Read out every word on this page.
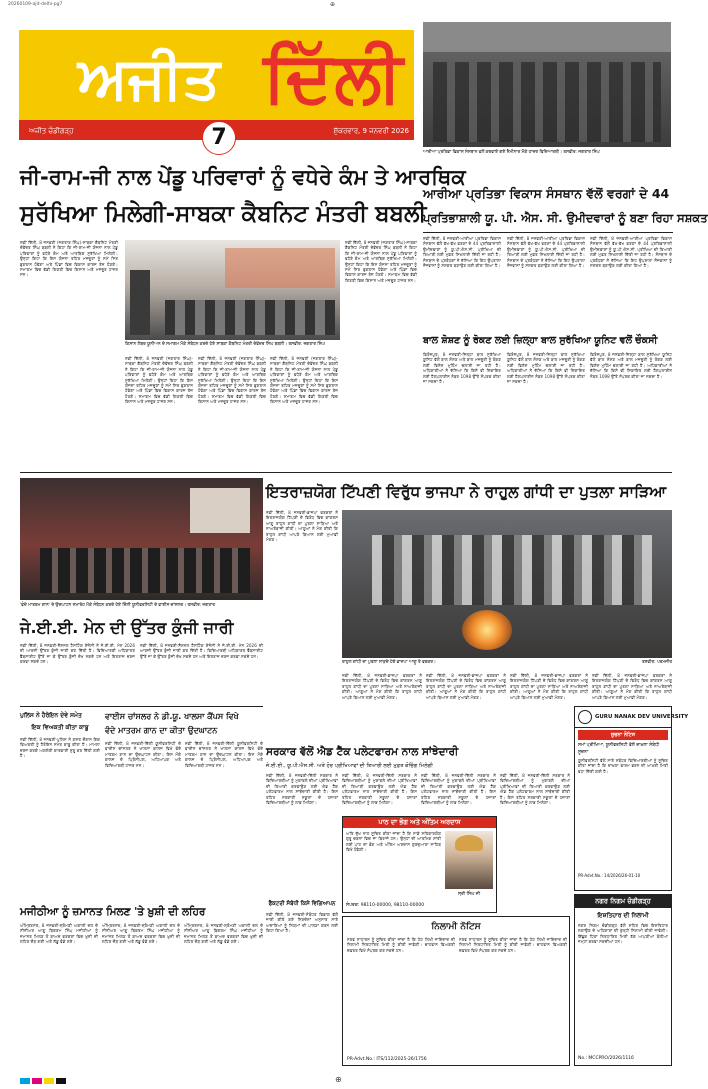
20260109-ajit-delhi-pg7	⊕
ਅਜੀਤ ਦਿੱਲੀ
7
ਅਜੀਤ ਚੰਡੀਗੜ੍ਹ	ਸ਼ੁੱਕਰਵਾਰ, 9 ਜਨਵਰੀ 2026
ਆਰੀਆ ਪ੍ਰਤਿਭਾ ਵਿਕਾਸ ਸੰਸਥਾਨ ਵਲੋਂ ਕਰਵਾਏ ਗਏ ਸੈਮੀਨਾਰ ਮੌਕੇ ਹਾਜ਼ਰ ਵਿਦਿਆਰਥੀ। ਤਸਵੀਰ: ਜਗਤਾਰ ਸਿੰਘ
ਜੀ-ਰਾਮ-ਜੀ ਨਾਲ ਪੇਂਡੂ ਪਰਿਵਾਰਾਂ ਨੂੰ ਵਧੇਰੇ ਕੰਮ ਤੇ ਆਰਥਿਕ
ਸੁਰੱਖਿਆ ਮਿਲੇਗੀ-ਸਾਬਕਾ ਕੈਬਨਿਟ ਮੰਤਰੀ ਬਬਲੀ
ਆਰੀਆ ਪ੍ਰਤਿਭਾ ਵਿਕਾਸ ਸੰਸਥਾਨ ਵੱਲੋਂ ਵਰਗਾਂ ਦੇ 44
ਪ੍ਰਤਿਭਾਸ਼ਾਲੀ ਯੂ. ਪੀ. ਐਸ. ਸੀ. ਉਮੀਦਵਾਰਾਂ ਨੂੰ ਬਣਾ ਰਿਹਾ ਸਸ਼ਕਤ
ਨਵੀਂ ਦਿੱਲੀ, 8 ਜਨਵਰੀ (ਜਗਤਾਰ ਸਿੰਘ)-ਸਾਬਕਾ ਕੈਬਨਿਟ ਮੰਤਰੀ ਦੇਵੇਂਦਰ ਸਿੰਘ ਬਬਲੀ ਨੇ ਕਿਹਾ ਕਿ ਜੀ-ਰਾਮ-ਜੀ ਯੋਜਨਾ ਨਾਲ ਪੇਂਡੂ ਪਰਿਵਾਰਾਂ ਨੂੰ ਵਧੇਰੇ ਕੰਮ ਅਤੇ ਆਰਥਿਕ ਸੁਰੱਖਿਆ ਮਿਲੇਗੀ। ਉਨ੍ਹਾਂ ਕਿਹਾ ਕਿ ਇਸ ਯੋਜਨਾ ਤਹਿਤ ਮਜ਼ਦੂਰਾਂ ਨੂੰ ਸਮੇਂ ਸਿਰ ਭੁਗਤਾਨ ਹੋਵੇਗਾ ਅਤੇ ਪਿੰਡਾਂ ਵਿਚ ਵਿਕਾਸ ਕਾਰਜ ਤੇਜ਼ ਹੋਣਗੇ। ਸਮਾਗਮ ਵਿਚ ਵੱਡੀ ਗਿਣਤੀ ਵਿਚ ਕਿਸਾਨ ਅਤੇ ਮਜ਼ਦੂਰ ਹਾਜ਼ਰ ਸਨ।
ਕਿਸਾਨ ਲੇਬਰ ਯੂਨੀਅਨ ਦੇ ਸਮਾਗਮ ਮੌਕੇ ਸੰਬੋਧਨ ਕਰਦੇ ਹੋਏ ਸਾਬਕਾ ਕੈਬਨਿਟ ਮੰਤਰੀ ਦੇਵੇਂਦਰ ਸਿੰਘ ਬਬਲੀ। ਤਸਵੀਰ: ਜਗਤਾਰ ਸਿੰਘ
ਨਵੀਂ ਦਿੱਲੀ, 8 ਜਨਵਰੀ (ਜਗਤਾਰ ਸਿੰਘ)-ਸਾਬਕਾ ਕੈਬਨਿਟ ਮੰਤਰੀ ਦੇਵੇਂਦਰ ਸਿੰਘ ਬਬਲੀ ਨੇ ਕਿਹਾ ਕਿ ਜੀ-ਰਾਮ-ਜੀ ਯੋਜਨਾ ਨਾਲ ਪੇਂਡੂ ਪਰਿਵਾਰਾਂ ਨੂੰ ਵਧੇਰੇ ਕੰਮ ਅਤੇ ਆਰਥਿਕ ਸੁਰੱਖਿਆ ਮਿਲੇਗੀ। ਉਨ੍ਹਾਂ ਕਿਹਾ ਕਿ ਇਸ ਯੋਜਨਾ ਤਹਿਤ ਮਜ਼ਦੂਰਾਂ ਨੂੰ ਸਮੇਂ ਸਿਰ ਭੁਗਤਾਨ ਹੋਵੇਗਾ ਅਤੇ ਪਿੰਡਾਂ ਵਿਚ ਵਿਕਾਸ ਕਾਰਜ ਤੇਜ਼ ਹੋਣਗੇ। ਸਮਾਗਮ ਵਿਚ ਵੱਡੀ ਗਿਣਤੀ ਵਿਚ ਕਿਸਾਨ ਅਤੇ ਮਜ਼ਦੂਰ ਹਾਜ਼ਰ ਸਨ।
ਨਵੀਂ ਦਿੱਲੀ, 8 ਜਨਵਰੀ (ਜਗਤਾਰ ਸਿੰਘ)-ਸਾਬਕਾ ਕੈਬਨਿਟ ਮੰਤਰੀ ਦੇਵੇਂਦਰ ਸਿੰਘ ਬਬਲੀ ਨੇ ਕਿਹਾ ਕਿ ਜੀ-ਰਾਮ-ਜੀ ਯੋਜਨਾ ਨਾਲ ਪੇਂਡੂ ਪਰਿਵਾਰਾਂ ਨੂੰ ਵਧੇਰੇ ਕੰਮ ਅਤੇ ਆਰਥਿਕ ਸੁਰੱਖਿਆ ਮਿਲੇਗੀ। ਉਨ੍ਹਾਂ ਕਿਹਾ ਕਿ ਇਸ ਯੋਜਨਾ ਤਹਿਤ ਮਜ਼ਦੂਰਾਂ ਨੂੰ ਸਮੇਂ ਸਿਰ ਭੁਗਤਾਨ ਹੋਵੇਗਾ ਅਤੇ ਪਿੰਡਾਂ ਵਿਚ ਵਿਕਾਸ ਕਾਰਜ ਤੇਜ਼ ਹੋਣਗੇ। ਸਮਾਗਮ ਵਿਚ ਵੱਡੀ ਗਿਣਤੀ ਵਿਚ ਕਿਸਾਨ ਅਤੇ ਮਜ਼ਦੂਰ ਹਾਜ਼ਰ ਸਨ।
ਨਵੀਂ ਦਿੱਲੀ, 8 ਜਨਵਰੀ (ਜਗਤਾਰ ਸਿੰਘ)-ਸਾਬਕਾ ਕੈਬਨਿਟ ਮੰਤਰੀ ਦੇਵੇਂਦਰ ਸਿੰਘ ਬਬਲੀ ਨੇ ਕਿਹਾ ਕਿ ਜੀ-ਰਾਮ-ਜੀ ਯੋਜਨਾ ਨਾਲ ਪੇਂਡੂ ਪਰਿਵਾਰਾਂ ਨੂੰ ਵਧੇਰੇ ਕੰਮ ਅਤੇ ਆਰਥਿਕ ਸੁਰੱਖਿਆ ਮਿਲੇਗੀ। ਉਨ੍ਹਾਂ ਕਿਹਾ ਕਿ ਇਸ ਯੋਜਨਾ ਤਹਿਤ ਮਜ਼ਦੂਰਾਂ ਨੂੰ ਸਮੇਂ ਸਿਰ ਭੁਗਤਾਨ ਹੋਵੇਗਾ ਅਤੇ ਪਿੰਡਾਂ ਵਿਚ ਵਿਕਾਸ ਕਾਰਜ ਤੇਜ਼ ਹੋਣਗੇ। ਸਮਾਗਮ ਵਿਚ ਵੱਡੀ ਗਿਣਤੀ ਵਿਚ ਕਿਸਾਨ ਅਤੇ ਮਜ਼ਦੂਰ ਹਾਜ਼ਰ ਸਨ।
ਨਵੀਂ ਦਿੱਲੀ, 8 ਜਨਵਰੀ (ਜਗਤਾਰ ਸਿੰਘ)-ਸਾਬਕਾ ਕੈਬਨਿਟ ਮੰਤਰੀ ਦੇਵੇਂਦਰ ਸਿੰਘ ਬਬਲੀ ਨੇ ਕਿਹਾ ਕਿ ਜੀ-ਰਾਮ-ਜੀ ਯੋਜਨਾ ਨਾਲ ਪੇਂਡੂ ਪਰਿਵਾਰਾਂ ਨੂੰ ਵਧੇਰੇ ਕੰਮ ਅਤੇ ਆਰਥਿਕ ਸੁਰੱਖਿਆ ਮਿਲੇਗੀ। ਉਨ੍ਹਾਂ ਕਿਹਾ ਕਿ ਇਸ ਯੋਜਨਾ ਤਹਿਤ ਮਜ਼ਦੂਰਾਂ ਨੂੰ ਸਮੇਂ ਸਿਰ ਭੁਗਤਾਨ ਹੋਵੇਗਾ ਅਤੇ ਪਿੰਡਾਂ ਵਿਚ ਵਿਕਾਸ ਕਾਰਜ ਤੇਜ਼ ਹੋਣਗੇ। ਸਮਾਗਮ ਵਿਚ ਵੱਡੀ ਗਿਣਤੀ ਵਿਚ ਕਿਸਾਨ ਅਤੇ ਮਜ਼ਦੂਰ ਹਾਜ਼ਰ ਸਨ।
ਨਵੀਂ ਦਿੱਲੀ, 8 ਜਨਵਰੀ-ਆਰੀਆ ਪ੍ਰਤਿਭਾ ਵਿਕਾਸ ਸੰਸਥਾਨ ਵੱਲੋਂ ਵੱਖ-ਵੱਖ ਵਰਗਾਂ ਦੇ 44 ਪ੍ਰਤਿਭਾਸ਼ਾਲੀ ਉਮੀਦਵਾਰਾਂ ਨੂੰ ਯੂ.ਪੀ.ਐਸ.ਸੀ. ਪ੍ਰੀਖਿਆ ਦੀ ਤਿਆਰੀ ਲਈ ਮੁਫ਼ਤ ਸਿਖਲਾਈ ਦਿੱਤੀ ਜਾ ਰਹੀ ਹੈ। ਸੰਸਥਾਨ ਦੇ ਪ੍ਰਬੰਧਕਾਂ ਨੇ ਦੱਸਿਆ ਕਿ ਇਹ ਉਪਰਾਲਾ ਨੌਜਵਾਨਾਂ ਨੂੰ ਸਸ਼ਕਤ ਬਣਾਉਣ ਲਈ ਕੀਤਾ ਗਿਆ ਹੈ।
ਨਵੀਂ ਦਿੱਲੀ, 8 ਜਨਵਰੀ-ਆਰੀਆ ਪ੍ਰਤਿਭਾ ਵਿਕਾਸ ਸੰਸਥਾਨ ਵੱਲੋਂ ਵੱਖ-ਵੱਖ ਵਰਗਾਂ ਦੇ 44 ਪ੍ਰਤਿਭਾਸ਼ਾਲੀ ਉਮੀਦਵਾਰਾਂ ਨੂੰ ਯੂ.ਪੀ.ਐਸ.ਸੀ. ਪ੍ਰੀਖਿਆ ਦੀ ਤਿਆਰੀ ਲਈ ਮੁਫ਼ਤ ਸਿਖਲਾਈ ਦਿੱਤੀ ਜਾ ਰਹੀ ਹੈ। ਸੰਸਥਾਨ ਦੇ ਪ੍ਰਬੰਧਕਾਂ ਨੇ ਦੱਸਿਆ ਕਿ ਇਹ ਉਪਰਾਲਾ ਨੌਜਵਾਨਾਂ ਨੂੰ ਸਸ਼ਕਤ ਬਣਾਉਣ ਲਈ ਕੀਤਾ ਗਿਆ ਹੈ।
ਨਵੀਂ ਦਿੱਲੀ, 8 ਜਨਵਰੀ-ਆਰੀਆ ਪ੍ਰਤਿਭਾ ਵਿਕਾਸ ਸੰਸਥਾਨ ਵੱਲੋਂ ਵੱਖ-ਵੱਖ ਵਰਗਾਂ ਦੇ 44 ਪ੍ਰਤਿਭਾਸ਼ਾਲੀ ਉਮੀਦਵਾਰਾਂ ਨੂੰ ਯੂ.ਪੀ.ਐਸ.ਸੀ. ਪ੍ਰੀਖਿਆ ਦੀ ਤਿਆਰੀ ਲਈ ਮੁਫ਼ਤ ਸਿਖਲਾਈ ਦਿੱਤੀ ਜਾ ਰਹੀ ਹੈ। ਸੰਸਥਾਨ ਦੇ ਪ੍ਰਬੰਧਕਾਂ ਨੇ ਦੱਸਿਆ ਕਿ ਇਹ ਉਪਰਾਲਾ ਨੌਜਵਾਨਾਂ ਨੂੰ ਸਸ਼ਕਤ ਬਣਾਉਣ ਲਈ ਕੀਤਾ ਗਿਆ ਹੈ।
ਬਾਲ ਸ਼ੋਸ਼ਣ ਨੂੰ ਰੋਕਣ ਲਈ ਜ਼ਿਲ੍ਹਾ ਬਾਲ ਸੁਰੱਖਿਆ ਯੂਨਿਟ ਵਲੋਂ ਚੌਕਸੀ
ਫ਼ਿਰੋਜ਼ਪੁਰ, 8 ਜਨਵਰੀ-ਜ਼ਿਲ੍ਹਾ ਬਾਲ ਸੁਰੱਖਿਆ ਯੂਨਿਟ ਵੱਲੋਂ ਬਾਲ ਸ਼ੋਸ਼ਣ ਅਤੇ ਬਾਲ ਮਜ਼ਦੂਰੀ ਨੂੰ ਰੋਕਣ ਲਈ ਵਿਸ਼ੇਸ਼ ਮੁਹਿੰਮ ਚਲਾਈ ਜਾ ਰਹੀ ਹੈ। ਅਧਿਕਾਰੀਆਂ ਨੇ ਦੱਸਿਆ ਕਿ ਕਿਸੇ ਵੀ ਸ਼ਿਕਾਇਤ ਲਈ ਹੈਲਪਲਾਈਨ ਨੰਬਰ 1098 ਉੱਤੇ ਸੰਪਰਕ ਕੀਤਾ ਜਾ ਸਕਦਾ ਹੈ।
ਫ਼ਿਰੋਜ਼ਪੁਰ, 8 ਜਨਵਰੀ-ਜ਼ਿਲ੍ਹਾ ਬਾਲ ਸੁਰੱਖਿਆ ਯੂਨਿਟ ਵੱਲੋਂ ਬਾਲ ਸ਼ੋਸ਼ਣ ਅਤੇ ਬਾਲ ਮਜ਼ਦੂਰੀ ਨੂੰ ਰੋਕਣ ਲਈ ਵਿਸ਼ੇਸ਼ ਮੁਹਿੰਮ ਚਲਾਈ ਜਾ ਰਹੀ ਹੈ। ਅਧਿਕਾਰੀਆਂ ਨੇ ਦੱਸਿਆ ਕਿ ਕਿਸੇ ਵੀ ਸ਼ਿਕਾਇਤ ਲਈ ਹੈਲਪਲਾਈਨ ਨੰਬਰ 1098 ਉੱਤੇ ਸੰਪਰਕ ਕੀਤਾ ਜਾ ਸਕਦਾ ਹੈ।
ਫ਼ਿਰੋਜ਼ਪੁਰ, 8 ਜਨਵਰੀ-ਜ਼ਿਲ੍ਹਾ ਬਾਲ ਸੁਰੱਖਿਆ ਯੂਨਿਟ ਵੱਲੋਂ ਬਾਲ ਸ਼ੋਸ਼ਣ ਅਤੇ ਬਾਲ ਮਜ਼ਦੂਰੀ ਨੂੰ ਰੋਕਣ ਲਈ ਵਿਸ਼ੇਸ਼ ਮੁਹਿੰਮ ਚਲਾਈ ਜਾ ਰਹੀ ਹੈ। ਅਧਿਕਾਰੀਆਂ ਨੇ ਦੱਸਿਆ ਕਿ ਕਿਸੇ ਵੀ ਸ਼ਿਕਾਇਤ ਲਈ ਹੈਲਪਲਾਈਨ ਨੰਬਰ 1098 ਉੱਤੇ ਸੰਪਰਕ ਕੀਤਾ ਜਾ ਸਕਦਾ ਹੈ।
'ਵੰਦੇ ਮਾਤਰਮ ਗਾਨ' ਦੇ ਉਦਘਾਟਨ ਸਮਾਰੋਹ ਮੌਕੇ ਸੰਬੋਧਨ ਕਰਦੇ ਹੋਏ ਦਿੱਲੀ ਯੂਨੀਵਰਸਿਟੀ ਦੇ ਵਾਈਸ ਚਾਂਸਲਰ। ਤਸਵੀਰ: ਜਗਤਾਰ
ਜੇ.ਈ.ਈ. ਮੇਨ ਦੀ ਉੱਤਰ ਕੁੰਜੀ ਜਾਰੀ
ਨਵੀਂ ਦਿੱਲੀ, 8 ਜਨਵਰੀ-ਨੈਸ਼ਨਲ ਟੈਸਟਿੰਗ ਏਜੰਸੀ ਨੇ ਜੇ.ਈ.ਈ. ਮੇਨ 2026 ਦੀ ਆਰਜ਼ੀ ਉੱਤਰ ਕੁੰਜੀ ਜਾਰੀ ਕਰ ਦਿੱਤੀ ਹੈ। ਵਿਦਿਆਰਥੀ ਅਧਿਕਾਰਤ ਵੈੱਬਸਾਈਟ ਉੱਤੇ ਜਾ ਕੇ ਉੱਤਰ ਕੁੰਜੀ ਦੇਖ ਸਕਦੇ ਹਨ ਅਤੇ ਇਤਰਾਜ਼ ਦਰਜ ਕਰਵਾ ਸਕਦੇ ਹਨ।
ਨਵੀਂ ਦਿੱਲੀ, 8 ਜਨਵਰੀ-ਨੈਸ਼ਨਲ ਟੈਸਟਿੰਗ ਏਜੰਸੀ ਨੇ ਜੇ.ਈ.ਈ. ਮੇਨ 2026 ਦੀ ਆਰਜ਼ੀ ਉੱਤਰ ਕੁੰਜੀ ਜਾਰੀ ਕਰ ਦਿੱਤੀ ਹੈ। ਵਿਦਿਆਰਥੀ ਅਧਿਕਾਰਤ ਵੈੱਬਸਾਈਟ ਉੱਤੇ ਜਾ ਕੇ ਉੱਤਰ ਕੁੰਜੀ ਦੇਖ ਸਕਦੇ ਹਨ ਅਤੇ ਇਤਰਾਜ਼ ਦਰਜ ਕਰਵਾ ਸਕਦੇ ਹਨ।
ਇਤਰਾਜ਼ਯੋਗ ਟਿੱਪਣੀ ਵਿਰੁੱਧ ਭਾਜਪਾ ਨੇ ਰਾਹੁਲ ਗਾਂਧੀ ਦਾ ਪੁਤਲਾ ਸਾੜਿਆ
ਨਵੀਂ ਦਿੱਲੀ, 8 ਜਨਵਰੀ-ਭਾਜਪਾ ਵਰਕਰਾਂ ਨੇ ਇਤਰਾਜ਼ਯੋਗ ਟਿੱਪਣੀ ਦੇ ਵਿਰੋਧ ਵਿਚ ਕਾਂਗਰਸ ਆਗੂ ਰਾਹੁਲ ਗਾਂਧੀ ਦਾ ਪੁਤਲਾ ਸਾੜਿਆ ਅਤੇ ਨਾਅਰੇਬਾਜ਼ੀ ਕੀਤੀ। ਆਗੂਆਂ ਨੇ ਮੰਗ ਕੀਤੀ ਕਿ ਰਾਹੁਲ ਗਾਂਧੀ ਆਪਣੇ ਬਿਆਨ ਲਈ ਮੁਆਫ਼ੀ ਮੰਗਣ।
ਰਾਹੁਲ ਗਾਂਧੀ ਦਾ ਪੁਤਲਾ ਸਾੜਦੇ ਹੋਏ ਭਾਜਪਾ ਆਗੂ ਤੇ ਵਰਕਰ।	ਤਸਵੀਰ: ਪਰਮਜੀਤ
ਨਵੀਂ ਦਿੱਲੀ, 8 ਜਨਵਰੀ-ਭਾਜਪਾ ਵਰਕਰਾਂ ਨੇ ਇਤਰਾਜ਼ਯੋਗ ਟਿੱਪਣੀ ਦੇ ਵਿਰੋਧ ਵਿਚ ਕਾਂਗਰਸ ਆਗੂ ਰਾਹੁਲ ਗਾਂਧੀ ਦਾ ਪੁਤਲਾ ਸਾੜਿਆ ਅਤੇ ਨਾਅਰੇਬਾਜ਼ੀ ਕੀਤੀ। ਆਗੂਆਂ ਨੇ ਮੰਗ ਕੀਤੀ ਕਿ ਰਾਹੁਲ ਗਾਂਧੀ ਆਪਣੇ ਬਿਆਨ ਲਈ ਮੁਆਫ਼ੀ ਮੰਗਣ।
ਨਵੀਂ ਦਿੱਲੀ, 8 ਜਨਵਰੀ-ਭਾਜਪਾ ਵਰਕਰਾਂ ਨੇ ਇਤਰਾਜ਼ਯੋਗ ਟਿੱਪਣੀ ਦੇ ਵਿਰੋਧ ਵਿਚ ਕਾਂਗਰਸ ਆਗੂ ਰਾਹੁਲ ਗਾਂਧੀ ਦਾ ਪੁਤਲਾ ਸਾੜਿਆ ਅਤੇ ਨਾਅਰੇਬਾਜ਼ੀ ਕੀਤੀ। ਆਗੂਆਂ ਨੇ ਮੰਗ ਕੀਤੀ ਕਿ ਰਾਹੁਲ ਗਾਂਧੀ ਆਪਣੇ ਬਿਆਨ ਲਈ ਮੁਆਫ਼ੀ ਮੰਗਣ।
ਨਵੀਂ ਦਿੱਲੀ, 8 ਜਨਵਰੀ-ਭਾਜਪਾ ਵਰਕਰਾਂ ਨੇ ਇਤਰਾਜ਼ਯੋਗ ਟਿੱਪਣੀ ਦੇ ਵਿਰੋਧ ਵਿਚ ਕਾਂਗਰਸ ਆਗੂ ਰਾਹੁਲ ਗਾਂਧੀ ਦਾ ਪੁਤਲਾ ਸਾੜਿਆ ਅਤੇ ਨਾਅਰੇਬਾਜ਼ੀ ਕੀਤੀ। ਆਗੂਆਂ ਨੇ ਮੰਗ ਕੀਤੀ ਕਿ ਰਾਹੁਲ ਗਾਂਧੀ ਆਪਣੇ ਬਿਆਨ ਲਈ ਮੁਆਫ਼ੀ ਮੰਗਣ।
ਨਵੀਂ ਦਿੱਲੀ, 8 ਜਨਵਰੀ-ਭਾਜਪਾ ਵਰਕਰਾਂ ਨੇ ਇਤਰਾਜ਼ਯੋਗ ਟਿੱਪਣੀ ਦੇ ਵਿਰੋਧ ਵਿਚ ਕਾਂਗਰਸ ਆਗੂ ਰਾਹੁਲ ਗਾਂਧੀ ਦਾ ਪੁਤਲਾ ਸਾੜਿਆ ਅਤੇ ਨਾਅਰੇਬਾਜ਼ੀ ਕੀਤੀ। ਆਗੂਆਂ ਨੇ ਮੰਗ ਕੀਤੀ ਕਿ ਰਾਹੁਲ ਗਾਂਧੀ ਆਪਣੇ ਬਿਆਨ ਲਈ ਮੁਆਫ਼ੀ ਮੰਗਣ।
ਪੁਲਿਸ ਨੇ ਹੈਰੋਇਨ ਦੇਵੇ ਸਮੇਤ
ਇਕ ਵਿਅਕਤੀ ਕੀਤਾ ਕਾਬੂ
ਨਵੀਂ ਦਿੱਲੀ, 8 ਜਨਵਰੀ-ਪੁਲਿਸ ਨੇ ਗਸ਼ਤ ਦੌਰਾਨ ਇਕ ਵਿਅਕਤੀ ਨੂੰ ਹੈਰੋਇਨ ਸਮੇਤ ਕਾਬੂ ਕੀਤਾ ਹੈ। ਮਾਮਲਾ ਦਰਜ ਕਰਕੇ ਅਗਲੇਰੀ ਕਾਰਵਾਈ ਸ਼ੁਰੂ ਕਰ ਦਿੱਤੀ ਗਈ ਹੈ।
ਵਾਈਸ ਚਾਂਸਲਰ ਨੇ ਡੀ.ਯੂ. ਖਾਲਸਾ ਕੈਂਪਸ ਵਿਖੇ
ਵੰਦੇ ਮਾਤਰਮ ਗਾਨ ਦਾ ਕੀਤਾ ਉਦਘਾਟਨ
ਨਵੀਂ ਦਿੱਲੀ, 8 ਜਨਵਰੀ-ਦਿੱਲੀ ਯੂਨੀਵਰਸਿਟੀ ਦੇ ਵਾਈਸ ਚਾਂਸਲਰ ਨੇ ਖਾਲਸਾ ਕਾਲਜ ਵਿਖੇ ਵੰਦੇ ਮਾਤਰਮ ਗਾਨ ਦਾ ਉਦਘਾਟਨ ਕੀਤਾ। ਇਸ ਮੌਕੇ ਕਾਲਜ ਦੇ ਪ੍ਰਿੰਸੀਪਲ, ਅਧਿਆਪਕ ਅਤੇ ਵਿਦਿਆਰਥੀ ਹਾਜ਼ਰ ਸਨ।
ਨਵੀਂ ਦਿੱਲੀ, 8 ਜਨਵਰੀ-ਦਿੱਲੀ ਯੂਨੀਵਰਸਿਟੀ ਦੇ ਵਾਈਸ ਚਾਂਸਲਰ ਨੇ ਖਾਲਸਾ ਕਾਲਜ ਵਿਖੇ ਵੰਦੇ ਮਾਤਰਮ ਗਾਨ ਦਾ ਉਦਘਾਟਨ ਕੀਤਾ। ਇਸ ਮੌਕੇ ਕਾਲਜ ਦੇ ਪ੍ਰਿੰਸੀਪਲ, ਅਧਿਆਪਕ ਅਤੇ ਵਿਦਿਆਰਥੀ ਹਾਜ਼ਰ ਸਨ।
ਸਰਕਾਰ ਵੱਲੋਂ ਐਡ ਟੈੱਕ ਪਲੇਟਫਾਰਮ ਨਾਲ ਸਾਂਝੇਦਾਰੀ
ਜੇ.ਈ.ਈ., ਯੂ.ਪੀ.ਐਸ.ਸੀ. ਅਤੇ ਹੋਰ ਪ੍ਰੀਖਿਆਵਾਂ ਦੀ ਤਿਆਰੀ ਲਈ ਮੁਫ਼ਤ ਕੋਚਿੰਗ ਮਿਲੇਗੀ
ਨਵੀਂ ਦਿੱਲੀ, 8 ਜਨਵਰੀ-ਦਿੱਲੀ ਸਰਕਾਰ ਨੇ ਵਿਦਿਆਰਥੀਆਂ ਨੂੰ ਮੁਕਾਬਲੇ ਦੀਆਂ ਪ੍ਰੀਖਿਆਵਾਂ ਦੀ ਤਿਆਰੀ ਕਰਵਾਉਣ ਲਈ ਐਡ ਟੈੱਕ ਪਲੇਟਫਾਰਮ ਨਾਲ ਸਾਂਝੇਦਾਰੀ ਕੀਤੀ ਹੈ। ਇਸ ਤਹਿਤ ਸਰਕਾਰੀ ਸਕੂਲਾਂ ਦੇ ਹਜ਼ਾਰਾਂ ਵਿਦਿਆਰਥੀਆਂ ਨੂੰ ਲਾਭ ਮਿਲੇਗਾ।
ਨਵੀਂ ਦਿੱਲੀ, 8 ਜਨਵਰੀ-ਦਿੱਲੀ ਸਰਕਾਰ ਨੇ ਵਿਦਿਆਰਥੀਆਂ ਨੂੰ ਮੁਕਾਬਲੇ ਦੀਆਂ ਪ੍ਰੀਖਿਆਵਾਂ ਦੀ ਤਿਆਰੀ ਕਰਵਾਉਣ ਲਈ ਐਡ ਟੈੱਕ ਪਲੇਟਫਾਰਮ ਨਾਲ ਸਾਂਝੇਦਾਰੀ ਕੀਤੀ ਹੈ। ਇਸ ਤਹਿਤ ਸਰਕਾਰੀ ਸਕੂਲਾਂ ਦੇ ਹਜ਼ਾਰਾਂ ਵਿਦਿਆਰਥੀਆਂ ਨੂੰ ਲਾਭ ਮਿਲੇਗਾ।
ਨਵੀਂ ਦਿੱਲੀ, 8 ਜਨਵਰੀ-ਦਿੱਲੀ ਸਰਕਾਰ ਨੇ ਵਿਦਿਆਰਥੀਆਂ ਨੂੰ ਮੁਕਾਬਲੇ ਦੀਆਂ ਪ੍ਰੀਖਿਆਵਾਂ ਦੀ ਤਿਆਰੀ ਕਰਵਾਉਣ ਲਈ ਐਡ ਟੈੱਕ ਪਲੇਟਫਾਰਮ ਨਾਲ ਸਾਂਝੇਦਾਰੀ ਕੀਤੀ ਹੈ। ਇਸ ਤਹਿਤ ਸਰਕਾਰੀ ਸਕੂਲਾਂ ਦੇ ਹਜ਼ਾਰਾਂ ਵਿਦਿਆਰਥੀਆਂ ਨੂੰ ਲਾਭ ਮਿਲੇਗਾ।
ਨਵੀਂ ਦਿੱਲੀ, 8 ਜਨਵਰੀ-ਦਿੱਲੀ ਸਰਕਾਰ ਨੇ ਵਿਦਿਆਰਥੀਆਂ ਨੂੰ ਮੁਕਾਬਲੇ ਦੀਆਂ ਪ੍ਰੀਖਿਆਵਾਂ ਦੀ ਤਿਆਰੀ ਕਰਵਾਉਣ ਲਈ ਐਡ ਟੈੱਕ ਪਲੇਟਫਾਰਮ ਨਾਲ ਸਾਂਝੇਦਾਰੀ ਕੀਤੀ ਹੈ। ਇਸ ਤਹਿਤ ਸਰਕਾਰੀ ਸਕੂਲਾਂ ਦੇ ਹਜ਼ਾਰਾਂ ਵਿਦਿਆਰਥੀਆਂ ਨੂੰ ਲਾਭ ਮਿਲੇਗਾ।
ਪਾਠ ਦਾ ਭੋਗ ਅਤੇ ਅੰਤਿਮ ਅਰਦਾਸ
ਅਤਿ ਦੁੱਖ ਨਾਲ ਸੂਚਿਤ ਕੀਤਾ ਜਾਂਦਾ ਹੈ ਕਿ ਸਾਡੇ ਸਤਿਕਾਰਯੋਗ ਗੁਰੂ ਚਰਨਾਂ ਵਿਚ ਜਾ ਬਿਰਾਜੇ ਹਨ। ਉਨ੍ਹਾਂ ਦੀ ਆਤਮਿਕ ਸ਼ਾਂਤੀ ਲਈ ਪਾਠ ਦਾ ਭੋਗ ਅਤੇ ਅੰਤਿਮ ਅਰਦਾਸ ਗੁਰਦੁਆਰਾ ਸਾਹਿਬ ਵਿਖੇ ਹੋਵੇਗੀ।
ਸ੍ਰੀ ਸਿੰਘ ਜੀ
ਸੰਪਰਕ: 98110-00000, 98110-00000
ਨਿਲਾਮੀ ਨੋਟਿਸ
ਸਰਵ ਸਾਧਾਰਨ ਨੂੰ ਸੂਚਿਤ ਕੀਤਾ ਜਾਂਦਾ ਹੈ ਕਿ ਹੇਠ ਲਿਖੀ ਜਾਇਦਾਦ ਦੀ ਨਿਲਾਮੀ ਨਿਰਧਾਰਿਤ ਮਿਤੀ ਨੂੰ ਕੀਤੀ ਜਾਵੇਗੀ। ਚਾਹਵਾਨ ਵਿਅਕਤੀ ਦਫ਼ਤਰ ਵਿਖੇ ਸੰਪਰਕ ਕਰ ਸਕਦੇ ਹਨ।
ਸਰਵ ਸਾਧਾਰਨ ਨੂੰ ਸੂਚਿਤ ਕੀਤਾ ਜਾਂਦਾ ਹੈ ਕਿ ਹੇਠ ਲਿਖੀ ਜਾਇਦਾਦ ਦੀ ਨਿਲਾਮੀ ਨਿਰਧਾਰਿਤ ਮਿਤੀ ਨੂੰ ਕੀਤੀ ਜਾਵੇਗੀ। ਚਾਹਵਾਨ ਵਿਅਕਤੀ ਦਫ਼ਤਰ ਵਿਖੇ ਸੰਪਰਕ ਕਰ ਸਕਦੇ ਹਨ।
PR-Advt.No.: ITS/112/2025-26/1756
ਮਜੀਠੀਆ ਨੂੰ ਜ਼ਮਾਨਤ ਮਿਲਣ 'ਤੇ ਖ਼ੁਸ਼ੀ ਦੀ ਲਹਿਰ
ਅੰਮ੍ਰਿਤਸਰ, 8 ਜਨਵਰੀ-ਸ਼੍ਰੋਮਣੀ ਅਕਾਲੀ ਦਲ ਦੇ ਸੀਨੀਅਰ ਆਗੂ ਬਿਕਰਮ ਸਿੰਘ ਮਜੀਠੀਆ ਨੂੰ ਜ਼ਮਾਨਤ ਮਿਲਣ ਤੋਂ ਬਾਅਦ ਵਰਕਰਾਂ ਵਿਚ ਖ਼ੁਸ਼ੀ ਦੀ ਲਹਿਰ ਦੌੜ ਗਈ ਅਤੇ ਲੱਡੂ ਵੰਡੇ ਗਏ।
ਅੰਮ੍ਰਿਤਸਰ, 8 ਜਨਵਰੀ-ਸ਼੍ਰੋਮਣੀ ਅਕਾਲੀ ਦਲ ਦੇ ਸੀਨੀਅਰ ਆਗੂ ਬਿਕਰਮ ਸਿੰਘ ਮਜੀਠੀਆ ਨੂੰ ਜ਼ਮਾਨਤ ਮਿਲਣ ਤੋਂ ਬਾਅਦ ਵਰਕਰਾਂ ਵਿਚ ਖ਼ੁਸ਼ੀ ਦੀ ਲਹਿਰ ਦੌੜ ਗਈ ਅਤੇ ਲੱਡੂ ਵੰਡੇ ਗਏ।
ਅੰਮ੍ਰਿਤਸਰ, 8 ਜਨਵਰੀ-ਸ਼੍ਰੋਮਣੀ ਅਕਾਲੀ ਦਲ ਦੇ ਸੀਨੀਅਰ ਆਗੂ ਬਿਕਰਮ ਸਿੰਘ ਮਜੀਠੀਆ ਨੂੰ ਜ਼ਮਾਨਤ ਮਿਲਣ ਤੋਂ ਬਾਅਦ ਵਰਕਰਾਂ ਵਿਚ ਖ਼ੁਸ਼ੀ ਦੀ ਲਹਿਰ ਦੌੜ ਗਈ ਅਤੇ ਲੱਡੂ ਵੰਡੇ ਗਏ।
ਫੈਕਟਰੀ ਸੰਬੰਧੀ ਕਿਸੇ ਵਿਗਿਆਪਨ
ਨਵੀਂ ਦਿੱਲੀ, 8 ਜਨਵਰੀ-ਸੰਬੰਧਤ ਵਿਭਾਗ ਵੱਲੋਂ ਜਾਰੀ ਕੀਤੇ ਗਏ ਨਿਰਦੇਸ਼ਾਂ ਅਨੁਸਾਰ ਸਾਰੇ ਅਦਾਰਿਆਂ ਨੂੰ ਨਿਯਮਾਂ ਦੀ ਪਾਲਣਾ ਕਰਨ ਲਈ ਕਿਹਾ ਗਿਆ ਹੈ।
GURU NANAK DEV UNIVERSITY
ਸੂਚਨਾ ਨੋਟਿਸ
ਸਮਾਂ ਪ੍ਰੀਖਿਆ, ਯੂਨੀਵਰਸਿਟੀ ਵੱਲੋਂ ਦਾਖ਼ਲਾ ਸੰਬੰਧੀ ਸੂਚਨਾ
ਯੂਨੀਵਰਸਿਟੀ ਵੱਲੋਂ ਸਾਰੇ ਸਬੰਧਤ ਵਿਦਿਆਰਥੀਆਂ ਨੂੰ ਸੂਚਿਤ ਕੀਤਾ ਜਾਂਦਾ ਹੈ ਕਿ ਦਾਖ਼ਲਾ ਫਾਰਮ ਭਰਨ ਦੀ ਆਖ਼ਰੀ ਮਿਤੀ ਵਧਾ ਦਿੱਤੀ ਗਈ ਹੈ।
PR-Advt.No.: 14/2026/26-01-10
ਨਗਰ ਨਿਗਮ ਚੰਡੀਗੜ੍ਹ
ਇਸ਼ਤਿਹਾਰ ਦੀ ਨਿਲਾਮੀ
ਨਗਰ ਨਿਗਮ ਚੰਡੀਗੜ੍ਹ ਵੱਲੋਂ ਸ਼ਹਿਰ ਵਿਚ ਇਸ਼ਤਿਹਾਰ ਲਗਾਉਣ ਦੇ ਅਧਿਕਾਰਾਂ ਦੀ ਖੁੱਲ੍ਹੀ ਨਿਲਾਮੀ ਕੀਤੀ ਜਾਵੇਗੀ। ਇੱਛੁਕ ਧਿਰਾਂ ਨਿਰਧਾਰਿਤ ਮਿਤੀ ਤੱਕ ਆਪਣੀਆਂ ਬੋਲੀਆਂ ਜਮ੍ਹਾਂ ਕਰਵਾ ਸਕਦੀਆਂ ਹਨ।
No.: MCCPRO/2026/1116
⊕
